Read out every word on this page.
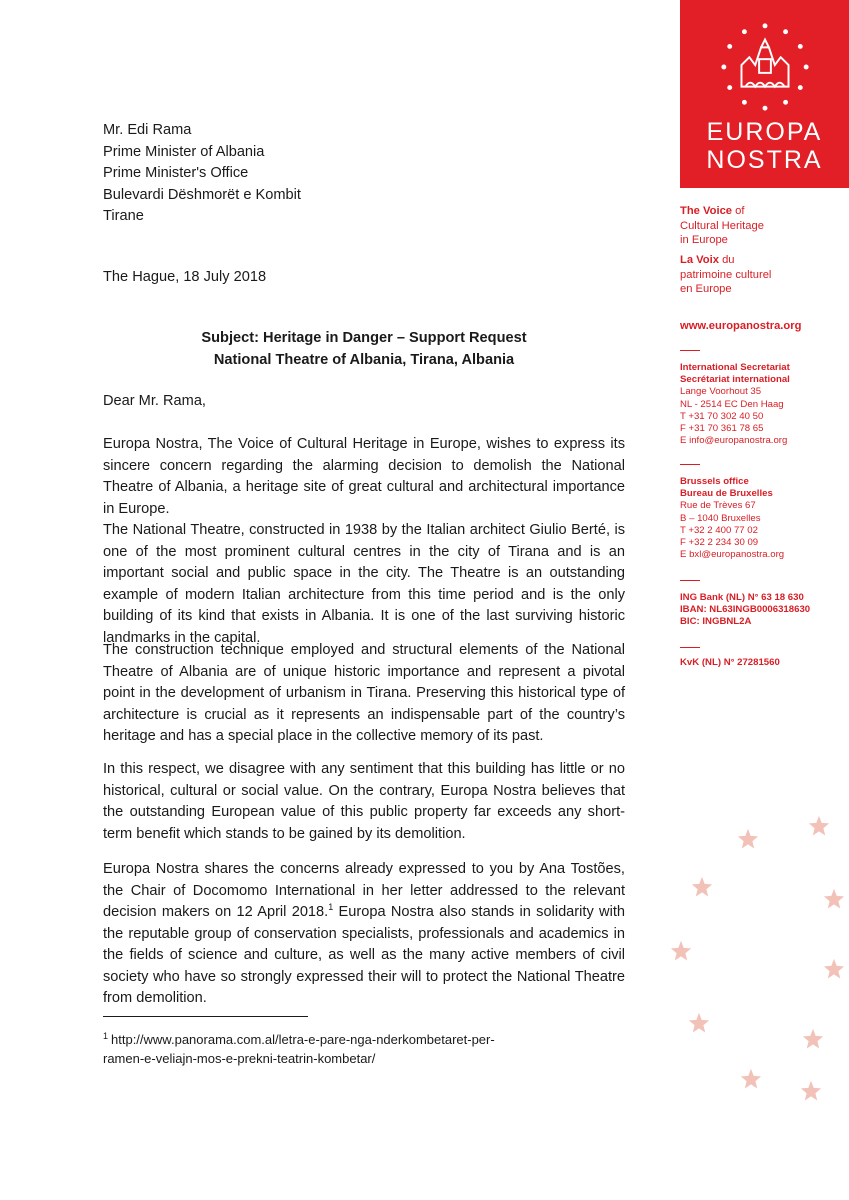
EUROPA
NOSTRA
Mr. Edi Rama
Prime Minister of Albania
Prime Minister's Office
Bulevardi Dëshmorët e Kombit
Tirane
The Hague, 18 July 2018
Subject: Heritage in Danger – Support Request
National Theatre of Albania, Tirana, Albania
Dear Mr. Rama,
Europa Nostra, The Voice of Cultural Heritage in Europe, wishes to express its sincere concern regarding the alarming decision to demolish the National Theatre of Albania, a heritage site of great cultural and architectural importance in Europe.
The National Theatre, constructed in 1938 by the Italian architect Giulio Berté, is one of the most prominent cultural centres in the city of Tirana and is an important social and public space in the city. The Theatre is an outstanding example of modern Italian architecture from this time period and is the only building of its kind that exists in Albania. It is one of the last surviving historic landmarks in the capital.
The construction technique employed and structural elements of the National Theatre of Albania are of unique historic importance and represent a pivotal point in the development of urbanism in Tirana. Preserving this historical type of architecture is crucial as it represents an indispensable part of the country’s heritage and has a special place in the collective memory of its past.
In this respect, we disagree with any sentiment that this building has little or no historical, cultural or social value. On the contrary, Europa Nostra believes that the outstanding European value of this public property far exceeds any short-term benefit which stands to be gained by its demolition.
Europa Nostra shares the concerns already expressed to you by Ana Tostões, the Chair of Docomomo International in her letter addressed to the relevant decision makers on 12 April 2018.$^1$ Europa Nostra also stands in solidarity with the reputable group of conservation specialists, professionals and academics in the fields of science and culture, as well as the many active members of civil society who have so strongly expressed their will to protect the National Theatre from demolition.
$^1$ http://www.panorama.com.al/letra-e-pare-nga-nderkombetaret-per-
ramen-e-veliajn-mos-e-prekni-teatrin-kombetar/
The Voice of
Cultural Heritage
in Europe
La Voix du
patrimoine culturel
en Europe
www.europanostra.org
International Secretariat
Secrétariat international
Lange Voorhout 35
NL - 2514 EC Den Haag
T +31 70 302 40 50
F +31 70 361 78 65
E info@europanostra.org
Brussels office
Bureau de Bruxelles
Rue de Trèves 67
B – 1040 Bruxelles
T +32 2 400 77 02
F +32 2 234 30 09
E bxl@europanostra.org
ING Bank (NL) N° 63 18 630
IBAN: NL63INGB0006318630
BIC: INGBNL2A
KvK (NL) N° 27281560
